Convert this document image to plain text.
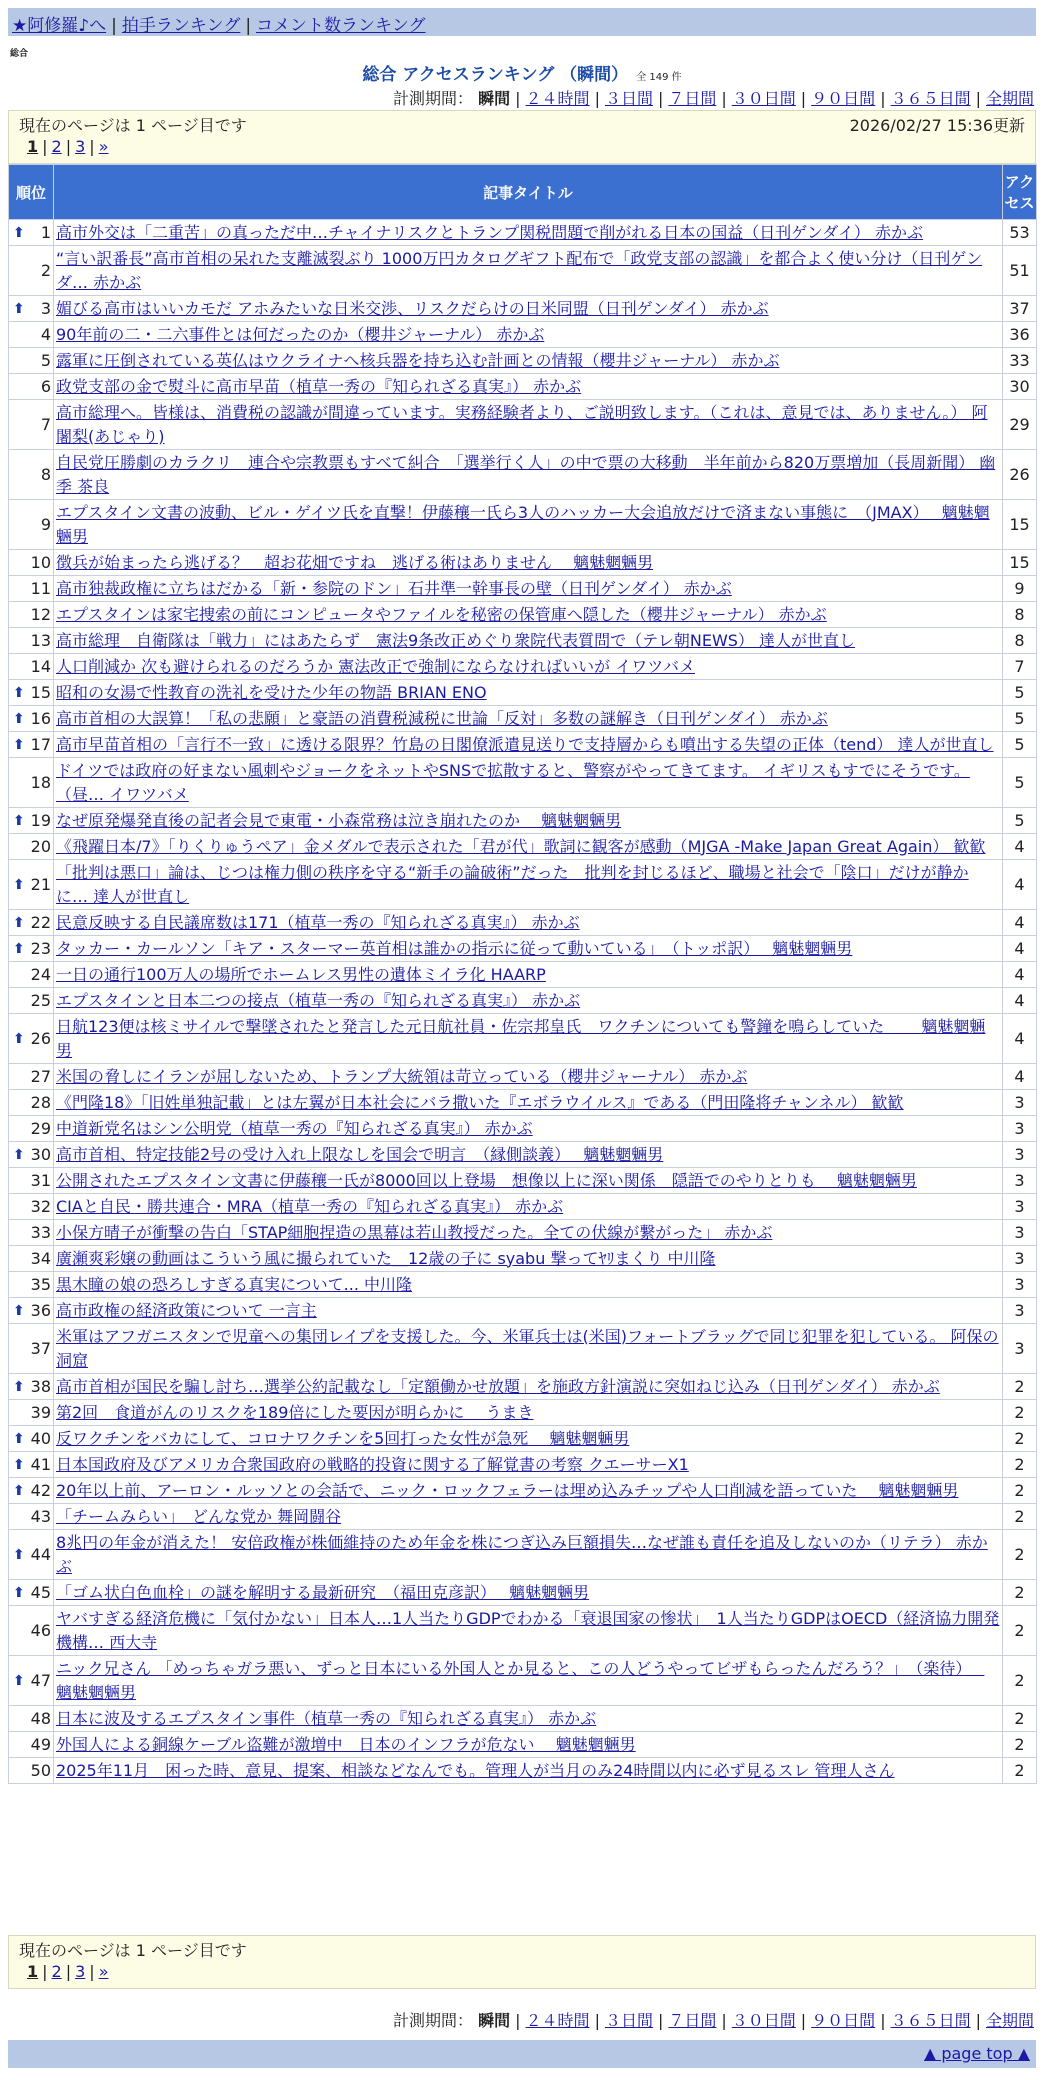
★阿修羅♪へ | 拍手ランキング | コメント数ランキング
総合
総合 アクセスランキング （瞬間） 全 149 件
計測期間： 瞬間 | ２４時間 | ３日間 | ７日間 | ３０日間 | ９０日間 | ３６５日間 | 全期間
現在のページは 1 ページ目です	2026/02/27 15:36更新
1 | 2 | 3 | »
順位	記事タイトル	アクセス

⬆ 1	高市外交は「二重苦」の真っただ中…チャイナリスクとトランプ関税問題で削がれる日本の国益（日刊ゲンダイ） 赤かぶ	53
2	“言い訳番長”高市首相の呆れた支離滅裂ぶり 1000万円カタログギフト配布で「政党支部の認識」を都合よく使い分け（日刊ゲンダ… 赤かぶ	51

⬆ 3	媚びる高市はいいカモだ アホみたいな日米交渉、リスクだらけの日米同盟（日刊ゲンダイ） 赤かぶ	37
4	90年前の二・二六事件とは何だったのか（櫻井ジャーナル） 赤かぶ	36
5	露軍に圧倒されている英仏はウクライナへ核兵器を持ち込む計画との情報（櫻井ジャーナル） 赤かぶ	33
6	政党支部の金で熨斗に高市早苗（植草一秀の『知られざる真実』） 赤かぶ	30
7	高市総理へ。皆様は、消費税の認識が間違っています。実務経験者より、ご説明致します。（これは、意見では、ありません。） 阿闍梨(あじゃり)	29
8	自民党圧勝劇のカラクリ　連合や宗教票もすべて糾合　「選挙行く人」の中で票の大移動　半年前から820万票増加（長周新聞） 幽季 茶良	26
9	エプスタイン文書の波動、ビル・ゲイツ氏を直撃！伊藤穰一氏ら3人のハッカー大会追放だけで済まない事態に　（JMAX）　 魑魅魍魎男	15
10	徴兵が始まったら逃げる？　超お花畑ですね　逃げる術はありません　 魑魅魍魎男	15
11	高市独裁政権に立ちはだかる「新・参院のドン」石井準一幹事長の壁（日刊ゲンダイ） 赤かぶ	9
12	エプスタインは家宅捜索の前にコンピュータやファイルを秘密の保管庫へ隠した（櫻井ジャーナル） 赤かぶ	8
13	高市総理　自衛隊は「戦力」にはあたらず　憲法9条改正めぐり衆院代表質問で（テレ朝NEWS） 達人が世直し	8
14	人口削減か 次も避けられるのだろうか 憲法改正で強制にならなければいいが イワツバメ	7

⬆ 15	昭和の女湯で性教育の洗礼を受けた少年の物語 BRIAN ENO	5

⬆ 16	高市首相の大誤算！「私の悲願」と豪語の消費税減税に世論「反対」多数の謎解き（日刊ゲンダイ） 赤かぶ	5

⬆ 17	高市早苗首相の「言行不一致」に透ける限界？竹島の日閣僚派遣見送りで支持層からも噴出する失望の正体（tend） 達人が世直し	5
18	ドイツでは政府の好まない風刺やジョークをネットやSNSで拡散すると、警察がやってきてます。 イギリスもすでにそうです。（昼… イワツバメ	5

⬆ 19	なぜ原発爆発直後の記者会見で東電・小森常務は泣き崩れたのか　 魑魅魍魎男	5
20	《飛躍日本/7》「りくりゅうペア」金メダルで表示された「君が代」歌詞に観客が感動（MJGA -Make Japan Great Again） 歓歓	4

⬆ 21	「批判は悪口」論は、じつは権力側の秩序を守る“新手の論破術”だった　批判を封じるほど、職場と社会で「陰口」だけが静かに… 達人が世直し	4

⬆ 22	民意反映する自民議席数は171（植草一秀の『知られざる真実』） 赤かぶ	4

⬆ 23	タッカー・カールソン「キア・スターマー英首相は誰かの指示に従って動いている」　（トッポ訳）　 魑魅魍魎男	4
24	一日の通行100万人の場所でホームレス男性の遺体ミイラ化 HAARP	4
25	エプスタインと日本二つの接点（植草一秀の『知られざる真実』） 赤かぶ	4

⬆ 26	日航123便は核ミサイルで撃墜されたと発言した元日航社員・佐宗邦皇氏　ワクチンについても警鐘を鳴らしていた　　 魑魅魍魎男	4
27	米国の脅しにイランが屈しないため、トランプ大統領は苛立っている（櫻井ジャーナル） 赤かぶ	4
28	《門隆18》「旧姓単独記載」とは左翼が日本社会にバラ撒いた『エボラウイルス』である（門田隆将チャンネル） 歓歓	3
29	中道新党名はシン公明党（植草一秀の『知られざる真実』） 赤かぶ	3

⬆ 30	高市首相、特定技能2号の受け入れ上限なしを国会で明言　（縁側談義）　 魑魅魍魎男	3
31	公開されたエプスタイン文書に伊藤穰一氏が8000回以上登場　想像以上に深い関係　隠語でのやりとりも　 魑魅魍魎男	3
32	CIAと自民・勝共連合・MRA（植草一秀の『知られざる真実』） 赤かぶ	3
33	小保方晴子が衝撃の告白「STAP細胞捏造の黒幕は若山教授だった。全ての伏線が繋がった」 赤かぶ	3
34	廣瀬爽彩嬢の動画はこういう風に撮られていた＿12歳の子に syabu 撃ってﾔﾘまくり 中川隆	3
35	黒木瞳の娘の恐ろしすぎる真実について... 中川隆	3

⬆ 36	高市政権の経済政策について 一言主	3
37	米軍はアフガニスタンで児童への集団レイプを支援した。今、米軍兵士は(米国)フォートブラッグで同じ犯罪を犯している。 阿保の洞窟	3

⬆ 38	高市首相が国民を騙し討ち…選挙公約記載なし「定額働かせ放題」を施政方針演説に突如ねじ込み（日刊ゲンダイ） 赤かぶ	2
39	第2回　食道がんのリスクを189倍にした要因が明らかに　 うまき	2

⬆ 40	反ワクチンをバカにして、コロナワクチンを5回打った女性が急死　 魑魅魍魎男	2

⬆ 41	日本国政府及びアメリカ合衆国政府の戦略的投資に関する了解覚書の考察 クエーサーX1	2

⬆ 42	20年以上前、アーロン・ルッソとの会話で、ニック・ロックフェラーは埋め込みチップや人口削減を語っていた　 魑魅魍魎男	2
43	「チームみらい」　どんな党か 舞岡闘谷	2

⬆ 44	8兆円の年金が消えた！ 安倍政権が株価維持のため年金を株につぎ込み巨額損失…なぜ誰も責任を追及しないのか（リテラ） 赤かぶ	2

⬆ 45	「ゴム状白色血栓」の謎を解明する最新研究　（福田克彦訳）　 魑魅魍魎男	2
46	ヤバすぎる経済危機に「気付かない」日本人…1人当たりGDPでわかる「衰退国家の惨状」　1人当たりGDPはOECD（経済協力開発機構… 西大寺	2

⬆ 47	ニック兄さん 「めっちゃガラ悪い、ずっと日本にいる外国人とか見ると、この人どうやってビザもらったんだろう？」　（楽待）　 魑魅魍魎男	2
48	日本に波及するエプスタイン事件（植草一秀の『知られざる真実』） 赤かぶ	2
49	外国人による銅線ケーブル盗難が激増中　日本のインフラが危ない　 魑魅魍魎男	2
50	2025年11月　困った時、意見、提案、相談などなんでも。管理人が当月のみ24時間以内に必ず見るスレ 管理人さん	2
現在のページは 1 ページ目です
1 | 2 | 3 | »
計測期間： 瞬間 | ２４時間 | ３日間 | ７日間 | ３０日間 | ９０日間 | ３６５日間 | 全期間
▲ page top ▲
